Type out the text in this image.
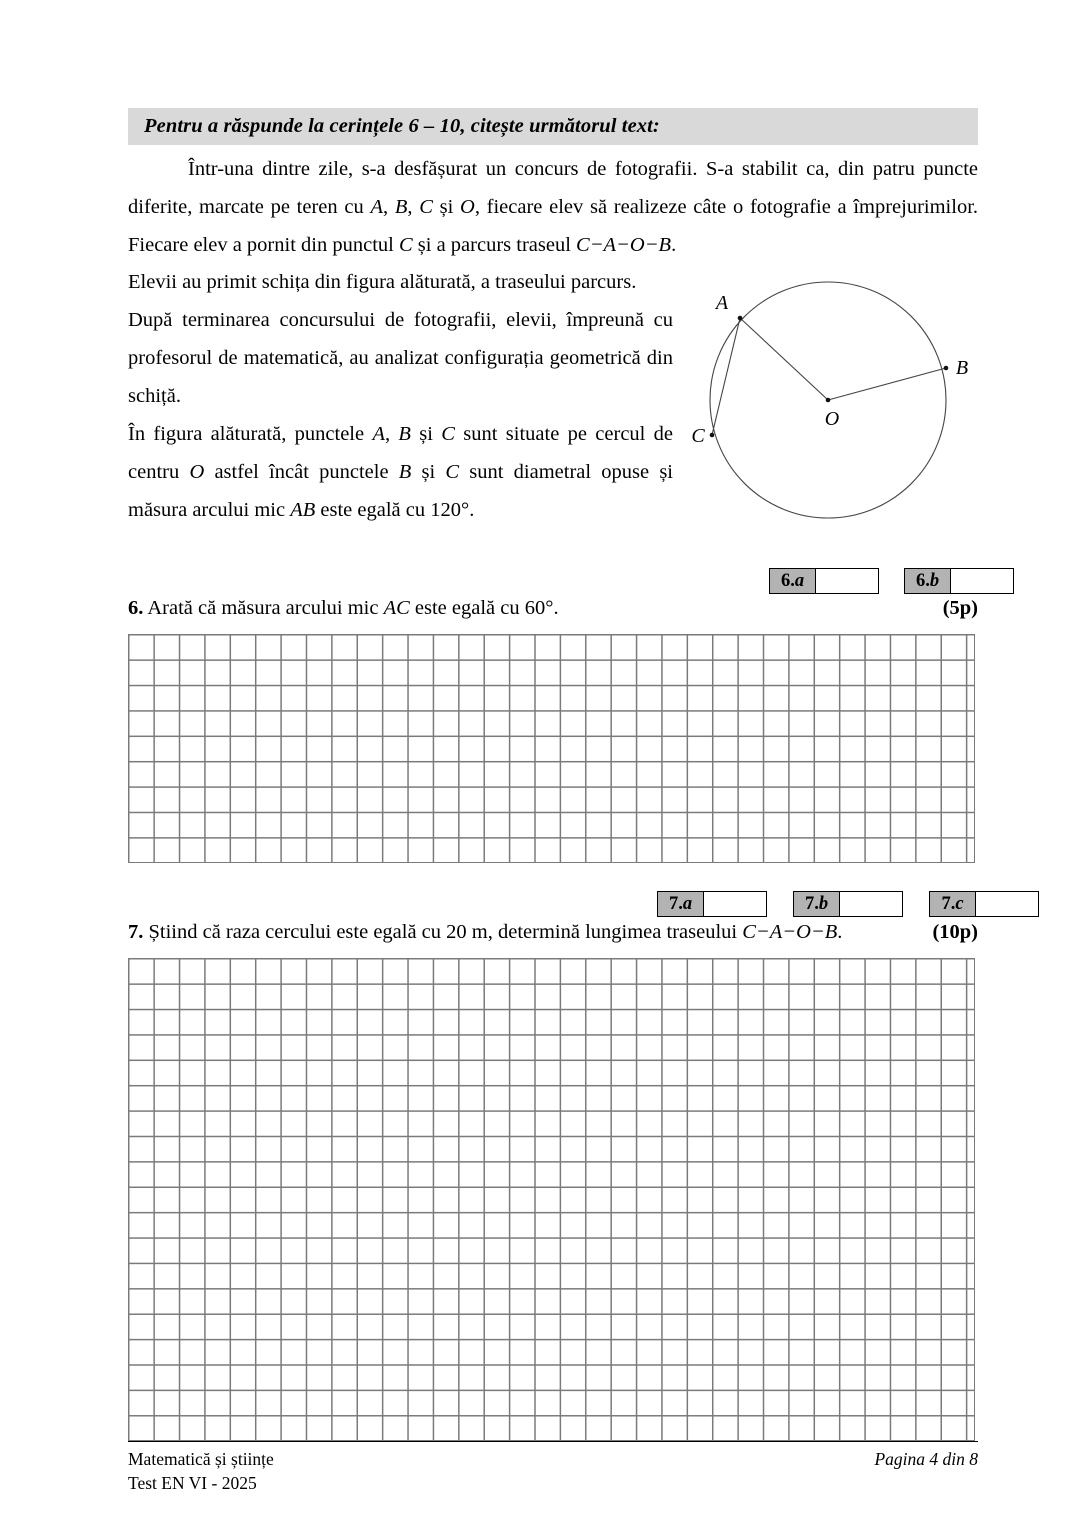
Pentru a răspunde la cerințele 6 – 10, citește următorul text:

Într-una dintre zile, s-a desfășurat un concurs de fotografii. S-a stabilit ca, din patru puncte diferite, marcate pe teren cu A, B, C și O, fiecare elev să realizeze câte o fotografie a împrejurimilor. Fiecare elev a pornit din punctul C și a parcurs traseul C−A−O−B.

Elevii au primit schița din figura alăturată, a traseului parcurs.

După terminarea concursului de fotografii, elevii, împreună cu profesorul de matematică, au analizat configurația geometrică din schiță.

În figura alăturată, punctele A, B și C sunt situate pe cercul de centru O astfel încât punctele B și C sunt diametral opuse și măsura arcului mic AB este egală cu 120°.

A
B
C
O
6. a	6. b
6. Arată că măsura arcului mic AC este egală cu 60°.	(5p)
7. a	7. b	7. c
7. Știind că raza cercului este egală cu 20 m, determină lungimea traseului C−A−O−B.	(10p)
Matematică și științe
Test EN VI - 2025
Pagina 4 din 8
